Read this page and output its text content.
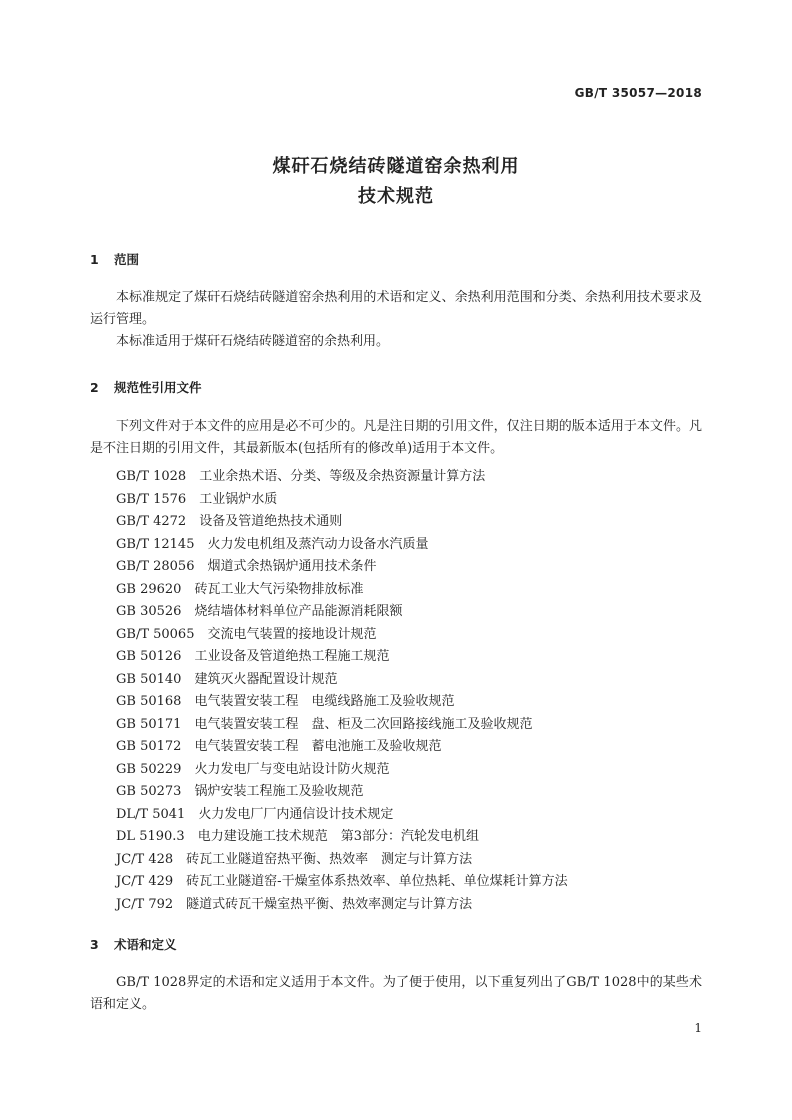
GB/T 35057—2018
煤矸石烧结砖隧道窑余热利用
技术规范
1 范围
本标准规定了煤矸石烧结砖隧道窑余热利用的术语和定义、余热利用范围和分类、余热利用技术要求及运行管理。
本标准适用于煤矸石烧结砖隧道窑的余热利用。
2 规范性引用文件
下列文件对于本文件的应用是必不可少的。凡是注日期的引用文件，仅注日期的版本适用于本文件。凡是不注日期的引用文件，其最新版本(包括所有的修改单)适用于本文件。
GB/T 1028　 工业余热术语、分类、等级及余热资源量计算方法
GB/T 1576　 工业锅炉水质
GB/T 4272　 设备及管道绝热技术通则
GB/T 12145　 火力发电机组及蒸汽动力设备水汽质量
GB/T 28056　 烟道式余热锅炉通用技术条件
GB 29620　 砖瓦工业大气污染物排放标准
GB 30526　 烧结墙体材料单位产品能源消耗限额
GB/T 50065　 交流电气装置的接地设计规范
GB 50126　 工业设备及管道绝热工程施工规范
GB 50140　 建筑灭火器配置设计规范
GB 50168　 电气装置安装工程　电缆线路施工及验收规范
GB 50171　 电气装置安装工程　盘、柜及二次回路接线施工及验收规范
GB 50172　 电气装置安装工程　蓄电池施工及验收规范
GB 50229　 火力发电厂与变电站设计防火规范
GB 50273　 锅炉安装工程施工及验收规范
DL/T 5041　 火力发电厂厂内通信设计技术规定
DL 5190.3　 电力建设施工技术规范　第3部分：汽轮发电机组
JC/T 428　 砖瓦工业隧道窑热平衡、热效率　测定与计算方法
JC/T 429　 砖瓦工业隧道窑-干燥室体系热效率、单位热耗、单位煤耗计算方法
JC/T 792　 隧道式砖瓦干燥室热平衡、热效率测定与计算方法
3 术语和定义
GB/T 1028界定的术语和定义适用于本文件。为了便于使用，以下重复列出了GB/T 1028中的某些术语和定义。
1
